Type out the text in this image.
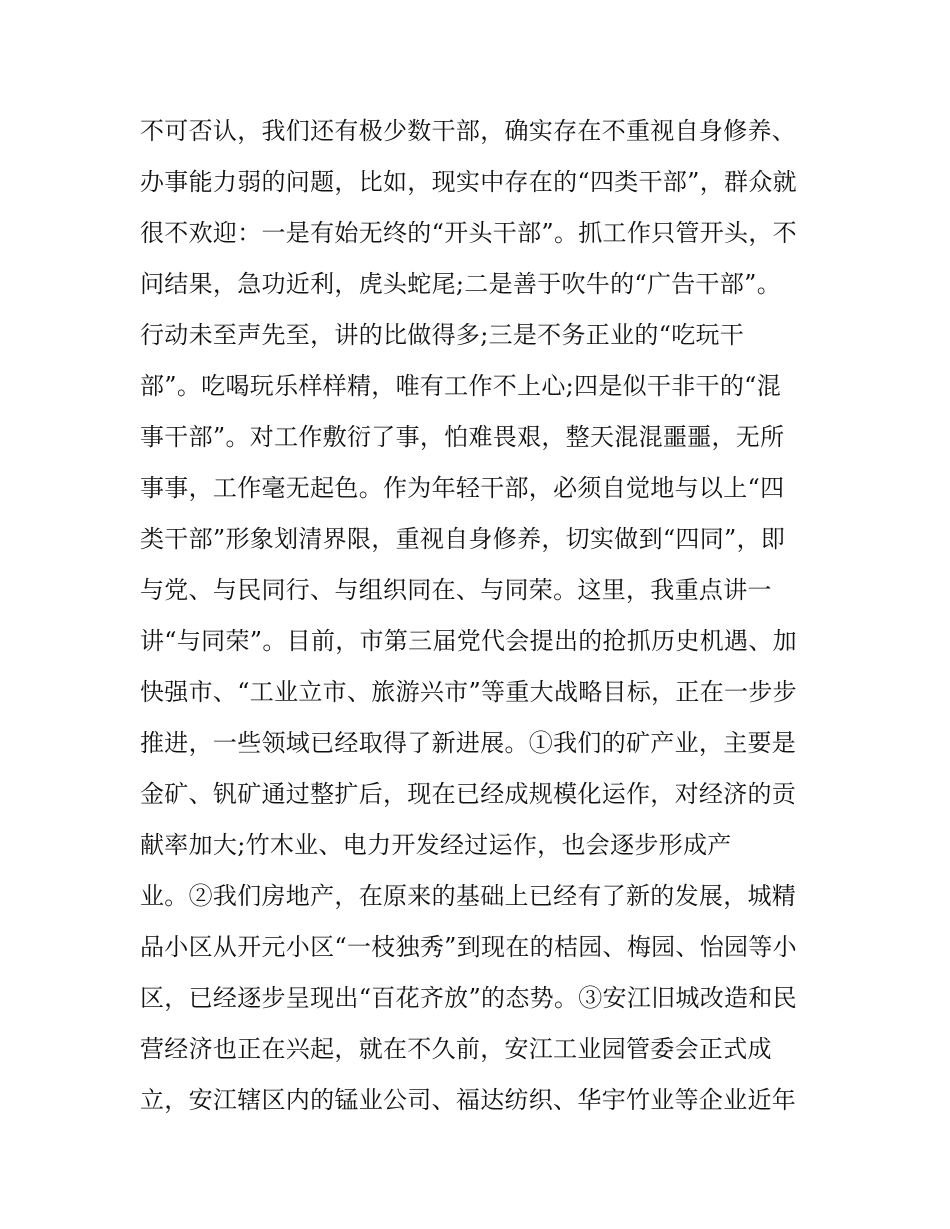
不可否认，我们还有极少数干部，确实存在不重视自身修养、
办事能力弱的问题，比如，现实中存在的“四类干部”，群众就
很不欢迎：一是有始无终的“开头干部”。抓工作只管开头，不
问结果，急功近利，虎头蛇尾;二是善于吹牛的“广告干部”。
行动未至声先至，讲的比做得多;三是不务正业的“吃玩干
部”。吃喝玩乐样样精，唯有工作不上心;四是似干非干的“混
事干部”。对工作敷衍了事，怕难畏艰，整天混混噩噩，无所
事事，工作毫无起色。作为年轻干部，必须自觉地与以上“四
类干部”形象划清界限，重视自身修养，切实做到“四同”，即
与党、与民同行、与组织同在、与同荣。这里，我重点讲一
讲“与同荣”。目前，市第三届党代会提出的抢抓历史机遇、加
快强市、“工业立市、旅游兴市”等重大战略目标，正在一步步
推进，一些领域已经取得了新进展。①我们的矿产业，主要是
金矿、钒矿通过整扩后，现在已经成规模化运作，对经济的贡
献率加大;竹木业、电力开发经过运作，也会逐步形成产
业。②我们房地产，在原来的基础上已经有了新的发展，城精
品小区从开元小区“一枝独秀”到现在的桔园、梅园、怡园等小
区，已经逐步呈现出“百花齐放”的态势。③安江旧城改造和民
营经济也正在兴起，就在不久前，安江工业园管委会正式成
立，安江辖区内的锰业公司、福达纺织、华宇竹业等企业近年
